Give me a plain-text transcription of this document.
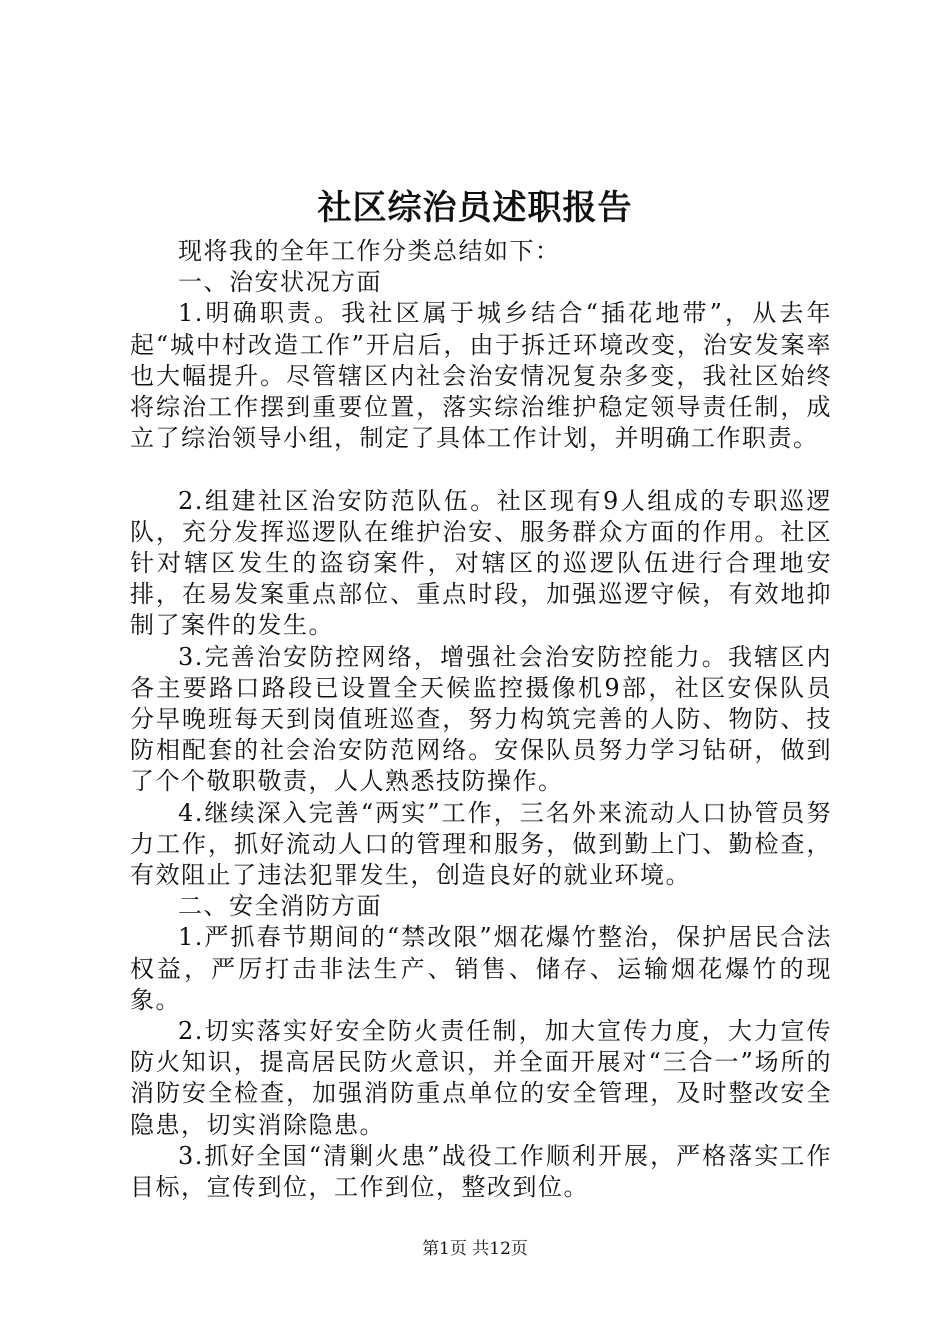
社区综治员述职报告

现将我的全年工作分类总结如下：

一、治安状况方面

1.明确职责。我社区属于城乡结合“插花地带”，从去年起“城中村改造工作”开启后，由于拆迁环境改变，治安发案率也大幅提升。尽管辖区内社会治安情况复杂多变，我社区始终将综治工作摆到重要位置，落实综治维护稳定领导责任制，成立了综治领导小组，制定了具体工作计划，并明确工作职责。

2.组建社区治安防范队伍。社区现有9人组成的专职巡逻队，充分发挥巡逻队在维护治安、服务群众方面的作用。社区针对辖区发生的盗窃案件，对辖区的巡逻队伍进行合理地安排，在易发案重点部位、重点时段，加强巡逻守候，有效地抑制了案件的发生。

3.完善治安防控网络，增强社会治安防控能力。我辖区内各主要路口路段已设置全天候监控摄像机9部，社区安保队员分早晚班每天到岗值班巡查，努力构筑完善的人防、物防、技防相配套的社会治安防范网络。安保队员努力学习钻研，做到了个个敬职敬责，人人熟悉技防操作。

4.继续深入完善“两实”工作，三名外来流动人口协管员努力工作，抓好流动人口的管理和服务，做到勤上门、勤检查，有效阻止了违法犯罪发生，创造良好的就业环境。

二、安全消防方面

1.严抓春节期间的“禁改限”烟花爆竹整治，保护居民合法权益，严厉打击非法生产、销售、储存、运输烟花爆竹的现象。

2.切实落实好安全防火责任制，加大宣传力度，大力宣传防火知识，提高居民防火意识，并全面开展对“三合一”场所的消防安全检查，加强消防重点单位的安全管理，及时整改安全隐患，切实消除隐患。

3.抓好全国“清剿火患”战役工作顺利开展，严格落实工作目标，宣传到位，工作到位，整改到位。

第1页 共12页
